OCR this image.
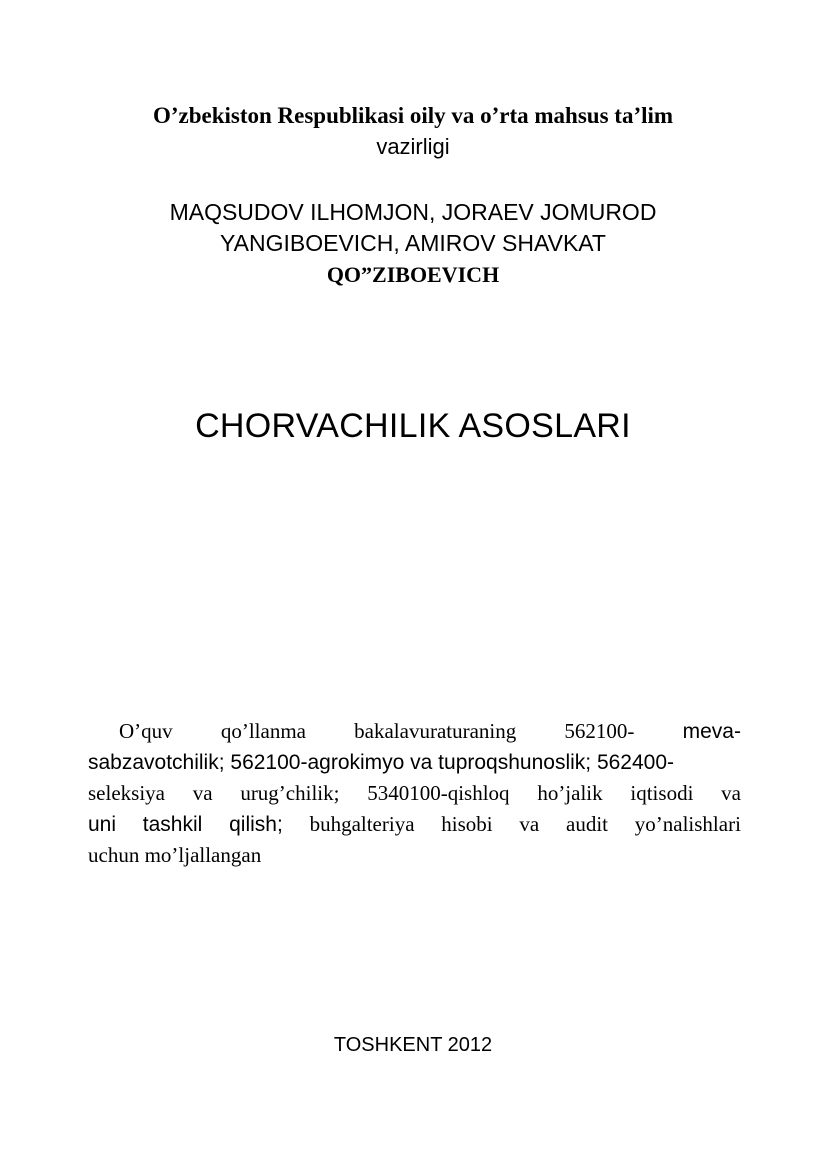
O’zbekiston Respublikasi oily va o’rta mahsus ta’lim
vazirligi
MAQSUDOV ILHOMJON, JORAEV JOMUROD
YANGIBOEVICH, AMIROV SHAVKAT
QO”ZIBOEVICH
CHORVACHILIK ASOSLARI
O’quv qo’llanma bakalavuraturaning 562100- meva-
sabzavotchilik; 562100-agrokimyo va tuproqshunoslik; 562400-
seleksiya va urug’chilik; 5340100-qishloq ho’jalik iqtisodi va
uni tashkil qilish; buhgalteriya hisobi va audit yo’nalishlari
uchun mo’ljallangan
TOSHKENT 2012
